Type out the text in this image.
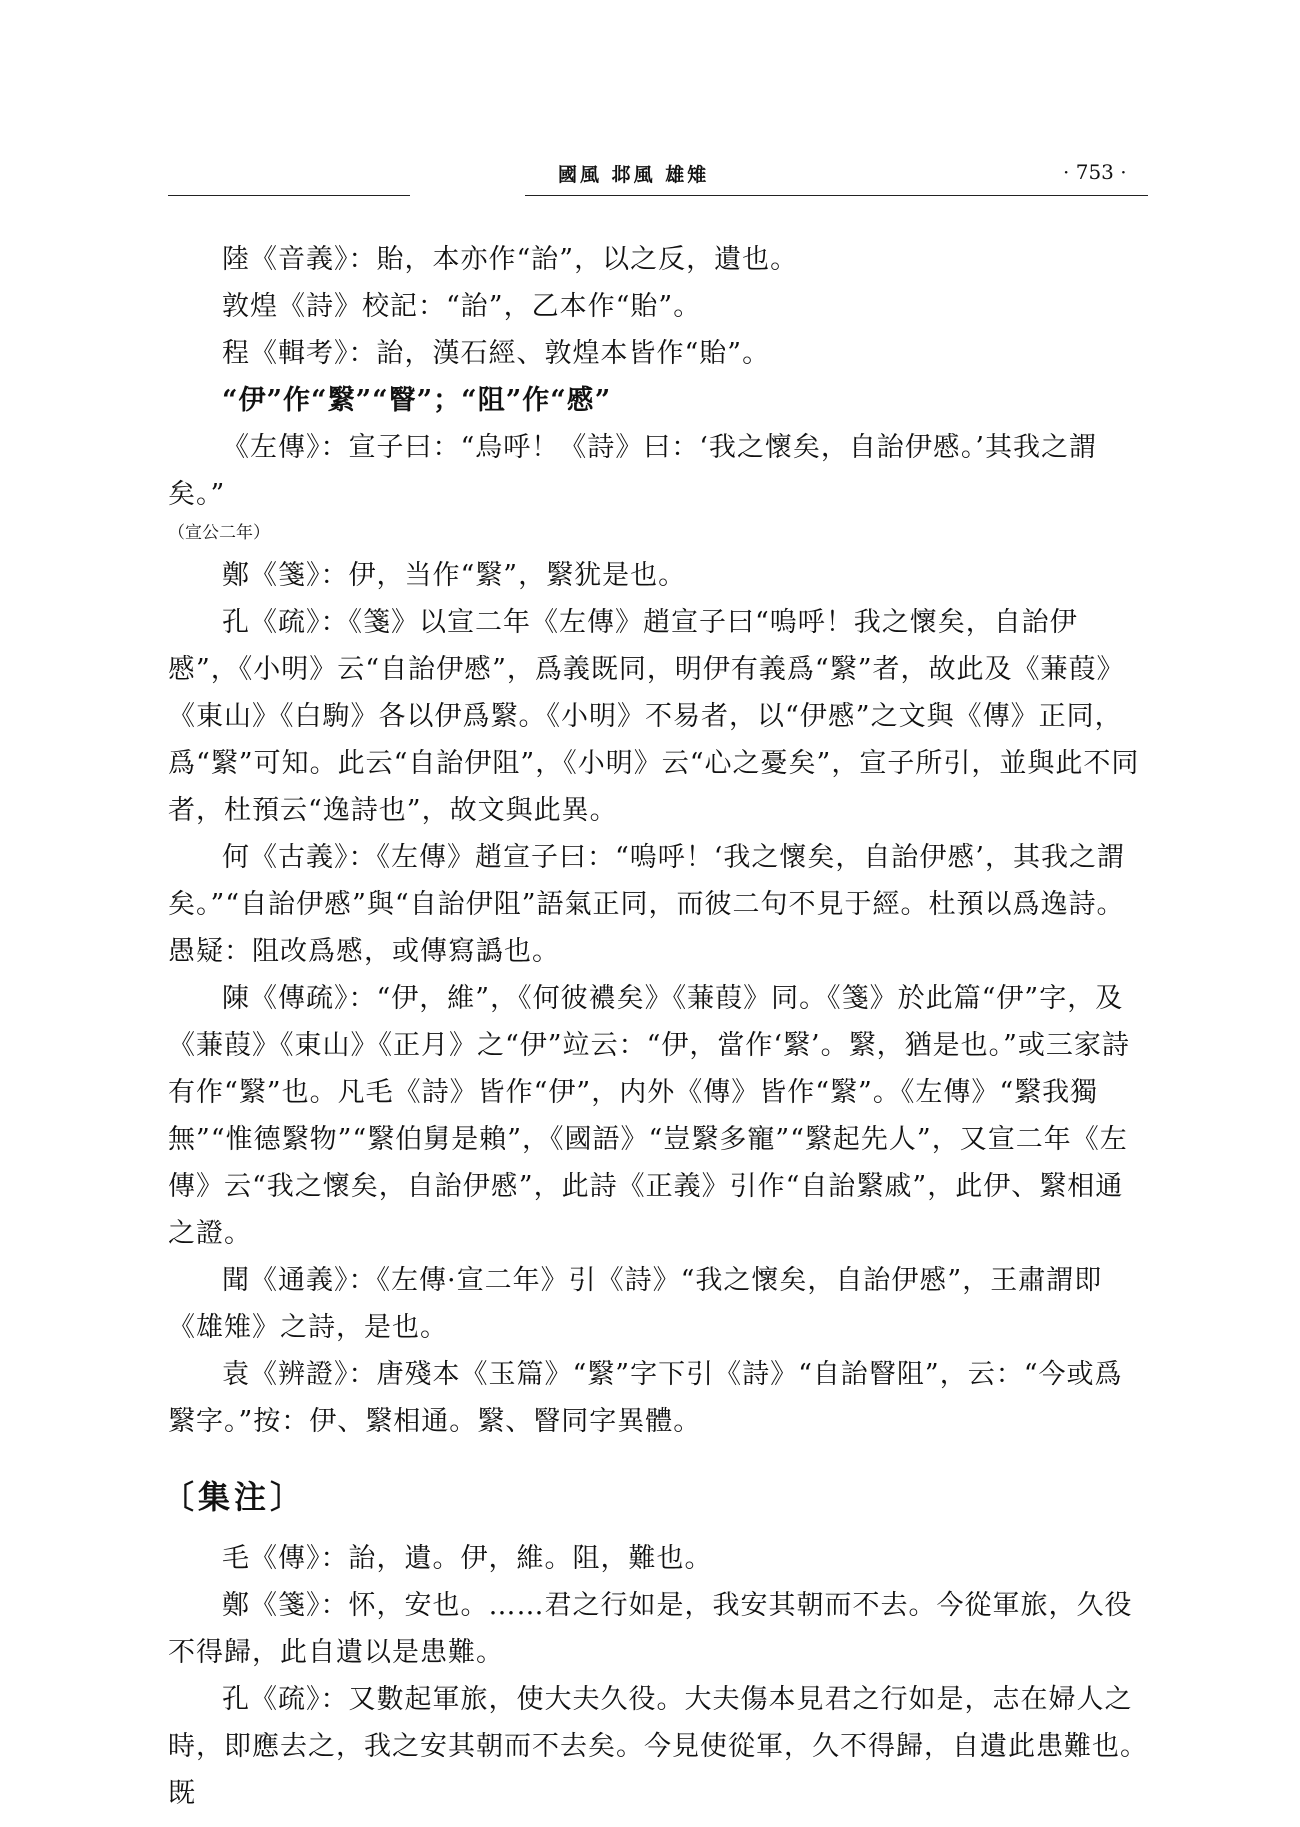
國風 邶風 雄雉	· 753 ·

陸《音義》：貽，本亦作“詒”，以之反，遺也。

敦煌《詩》校記：“詒”，乙本作“貽”。

程《輯考》：詒，漢石經、敦煌本皆作“貽”。

“伊”作“繄”“瞖”；“阻”作“慼”

《左傳》：宣子曰：“烏呼！《詩》曰：‘我之懷矣，自詒伊慼。’其我之謂矣。”

（宣公二年）

鄭《箋》：伊，当作“繄”，繄犹是也。

孔《疏》：《箋》以宣二年《左傳》趙宣子曰“嗚呼！我之懷矣，自詒伊慼”，《小明》云“自詒伊慼”，爲義既同，明伊有義爲“繄”者，故此及《蒹葭》《東山》《白駒》各以伊爲繄。《小明》不易者，以“伊慼”之文與《傳》正同，爲“繄”可知。此云“自詒伊阻”，《小明》云“心之憂矣”，宣子所引，並與此不同者，杜預云“逸詩也”，故文與此異。

何《古義》：《左傳》趙宣子曰：“嗚呼！‘我之懷矣，自詒伊慼’，其我之謂矣。”“自詒伊慼”與“自詒伊阻”語氣正同，而彼二句不見于經。杜預以爲逸詩。愚疑：阻改爲慼，或傳寫譌也。

陳《傳疏》：“伊，維”，《何彼襛矣》《蒹葭》同。《箋》於此篇“伊”字，及《蒹葭》《東山》《正月》之“伊”竝云：“伊，當作‘繄’。繄，猶是也。”或三家詩有作“繄”也。凡毛《詩》皆作“伊”，内外《傳》皆作“繄”。《左傳》“繄我獨無”“惟德繄物”“繄伯舅是賴”，《國語》“豈繄多寵”“繄起先人”，又宣二年《左傳》云“我之懷矣，自詒伊慼”，此詩《正義》引作“自詒繄戚”，此伊、繄相通之證。

聞《通義》：《左傳·宣二年》引《詩》“我之懷矣，自詒伊慼”，王肅謂即《雄雉》之詩，是也。

袁《辨證》：唐殘本《玉篇》“繄”字下引《詩》“自詒瞖阻”，云：“今或爲繄字。”按：伊、繄相通。繄、瞖同字異體。

〔集注〕

毛《傳》：詒，遺。伊，維。阻，難也。

鄭《箋》：怀，安也。……君之行如是，我安其朝而不去。今從軍旅，久役不得歸，此自遺以是患難。

孔《疏》：又數起軍旅，使大夫久役。大夫傷本見君之行如是，志在婦人之時，即應去之，我之安其朝而不去矣。今見使從軍，久不得歸，自遺此患難也。既
